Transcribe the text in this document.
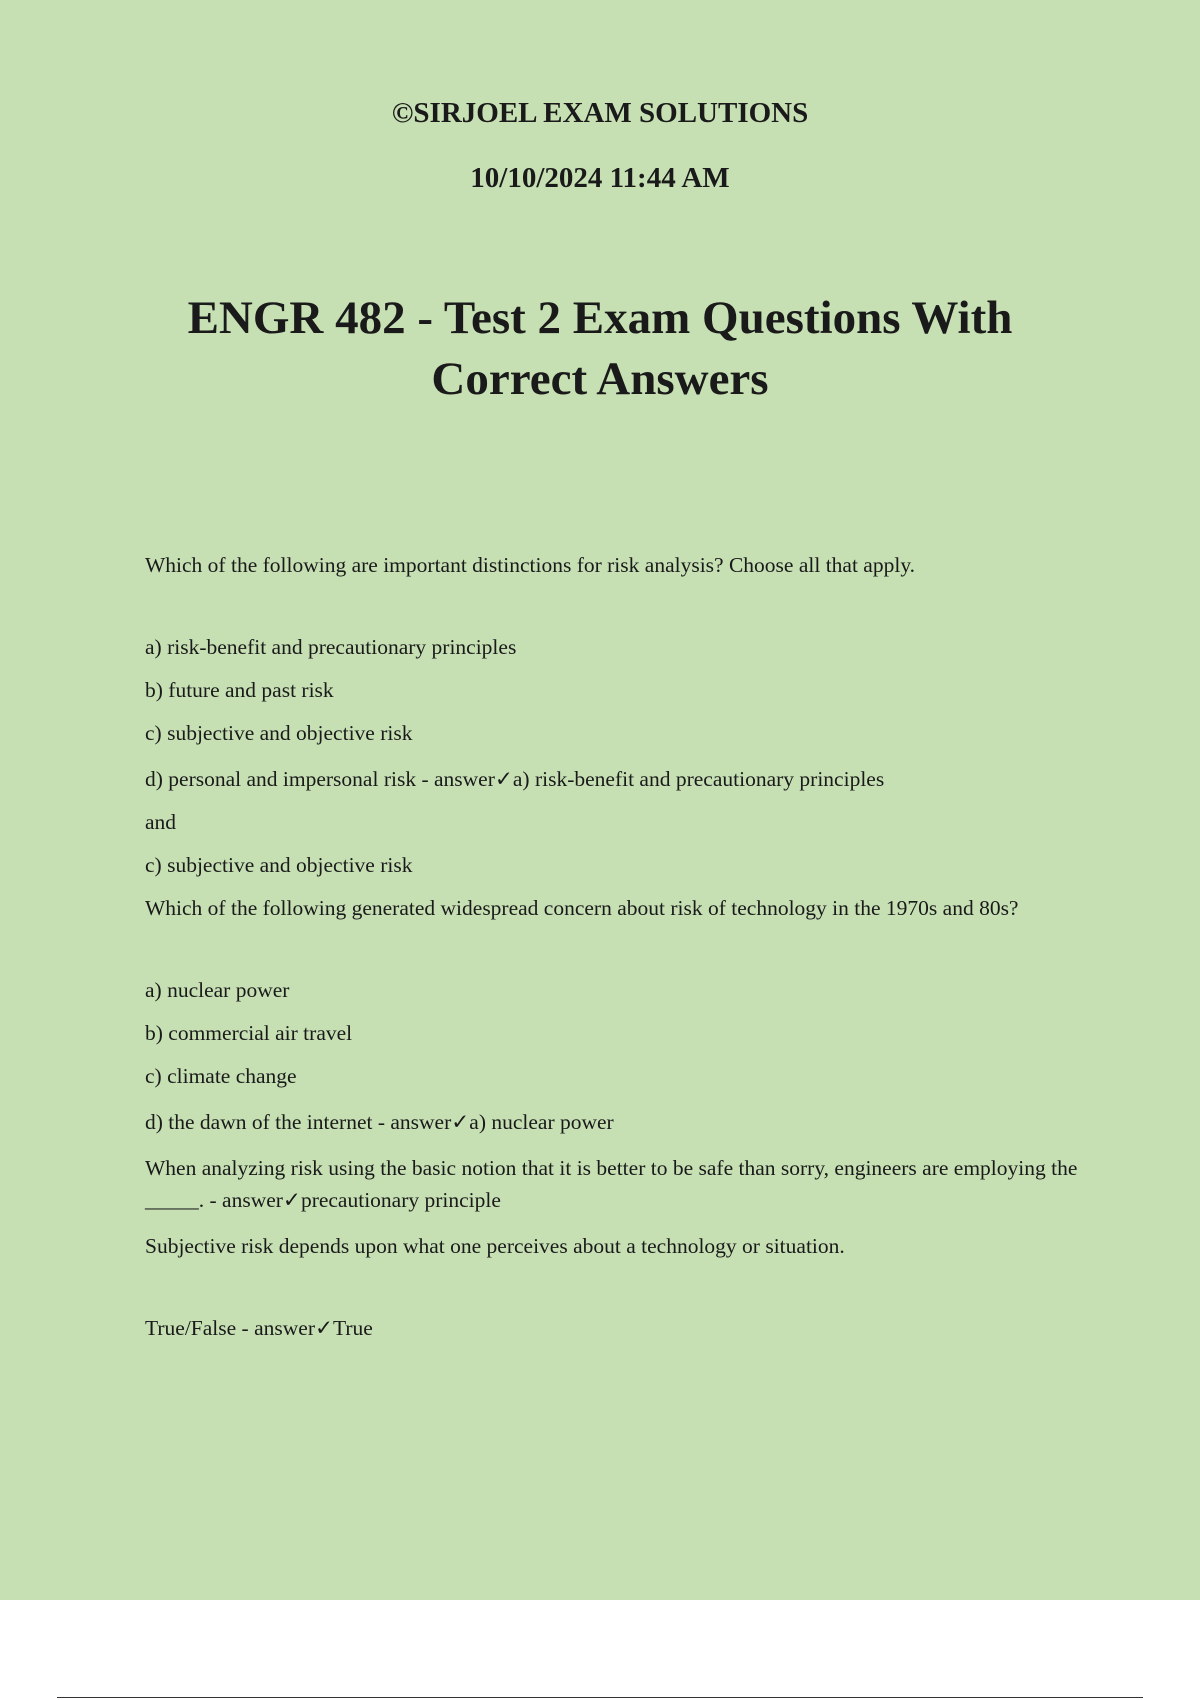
©SIRJOEL EXAM SOLUTIONS
10/10/2024 11:44 AM
ENGR 482 - Test 2 Exam Questions With
Correct Answers

Which of the following are important distinctions for risk analysis? Choose all that apply.

a) risk-benefit and precautionary principles

b) future and past risk

c) subjective and objective risk

d) personal and impersonal risk - answer✓a) risk-benefit and precautionary principles

and

c) subjective and objective risk

Which of the following generated widespread concern about risk of technology in the 1970s and 80s?

a) nuclear power

b) commercial air travel

c) climate change

d) the dawn of the internet - answer✓a) nuclear power

When analyzing risk using the basic notion that it is better to be safe than sorry, engineers are employing the _____. - answer✓precautionary principle

Subjective risk depends upon what one perceives about a technology or situation.

True/False - answer✓True
